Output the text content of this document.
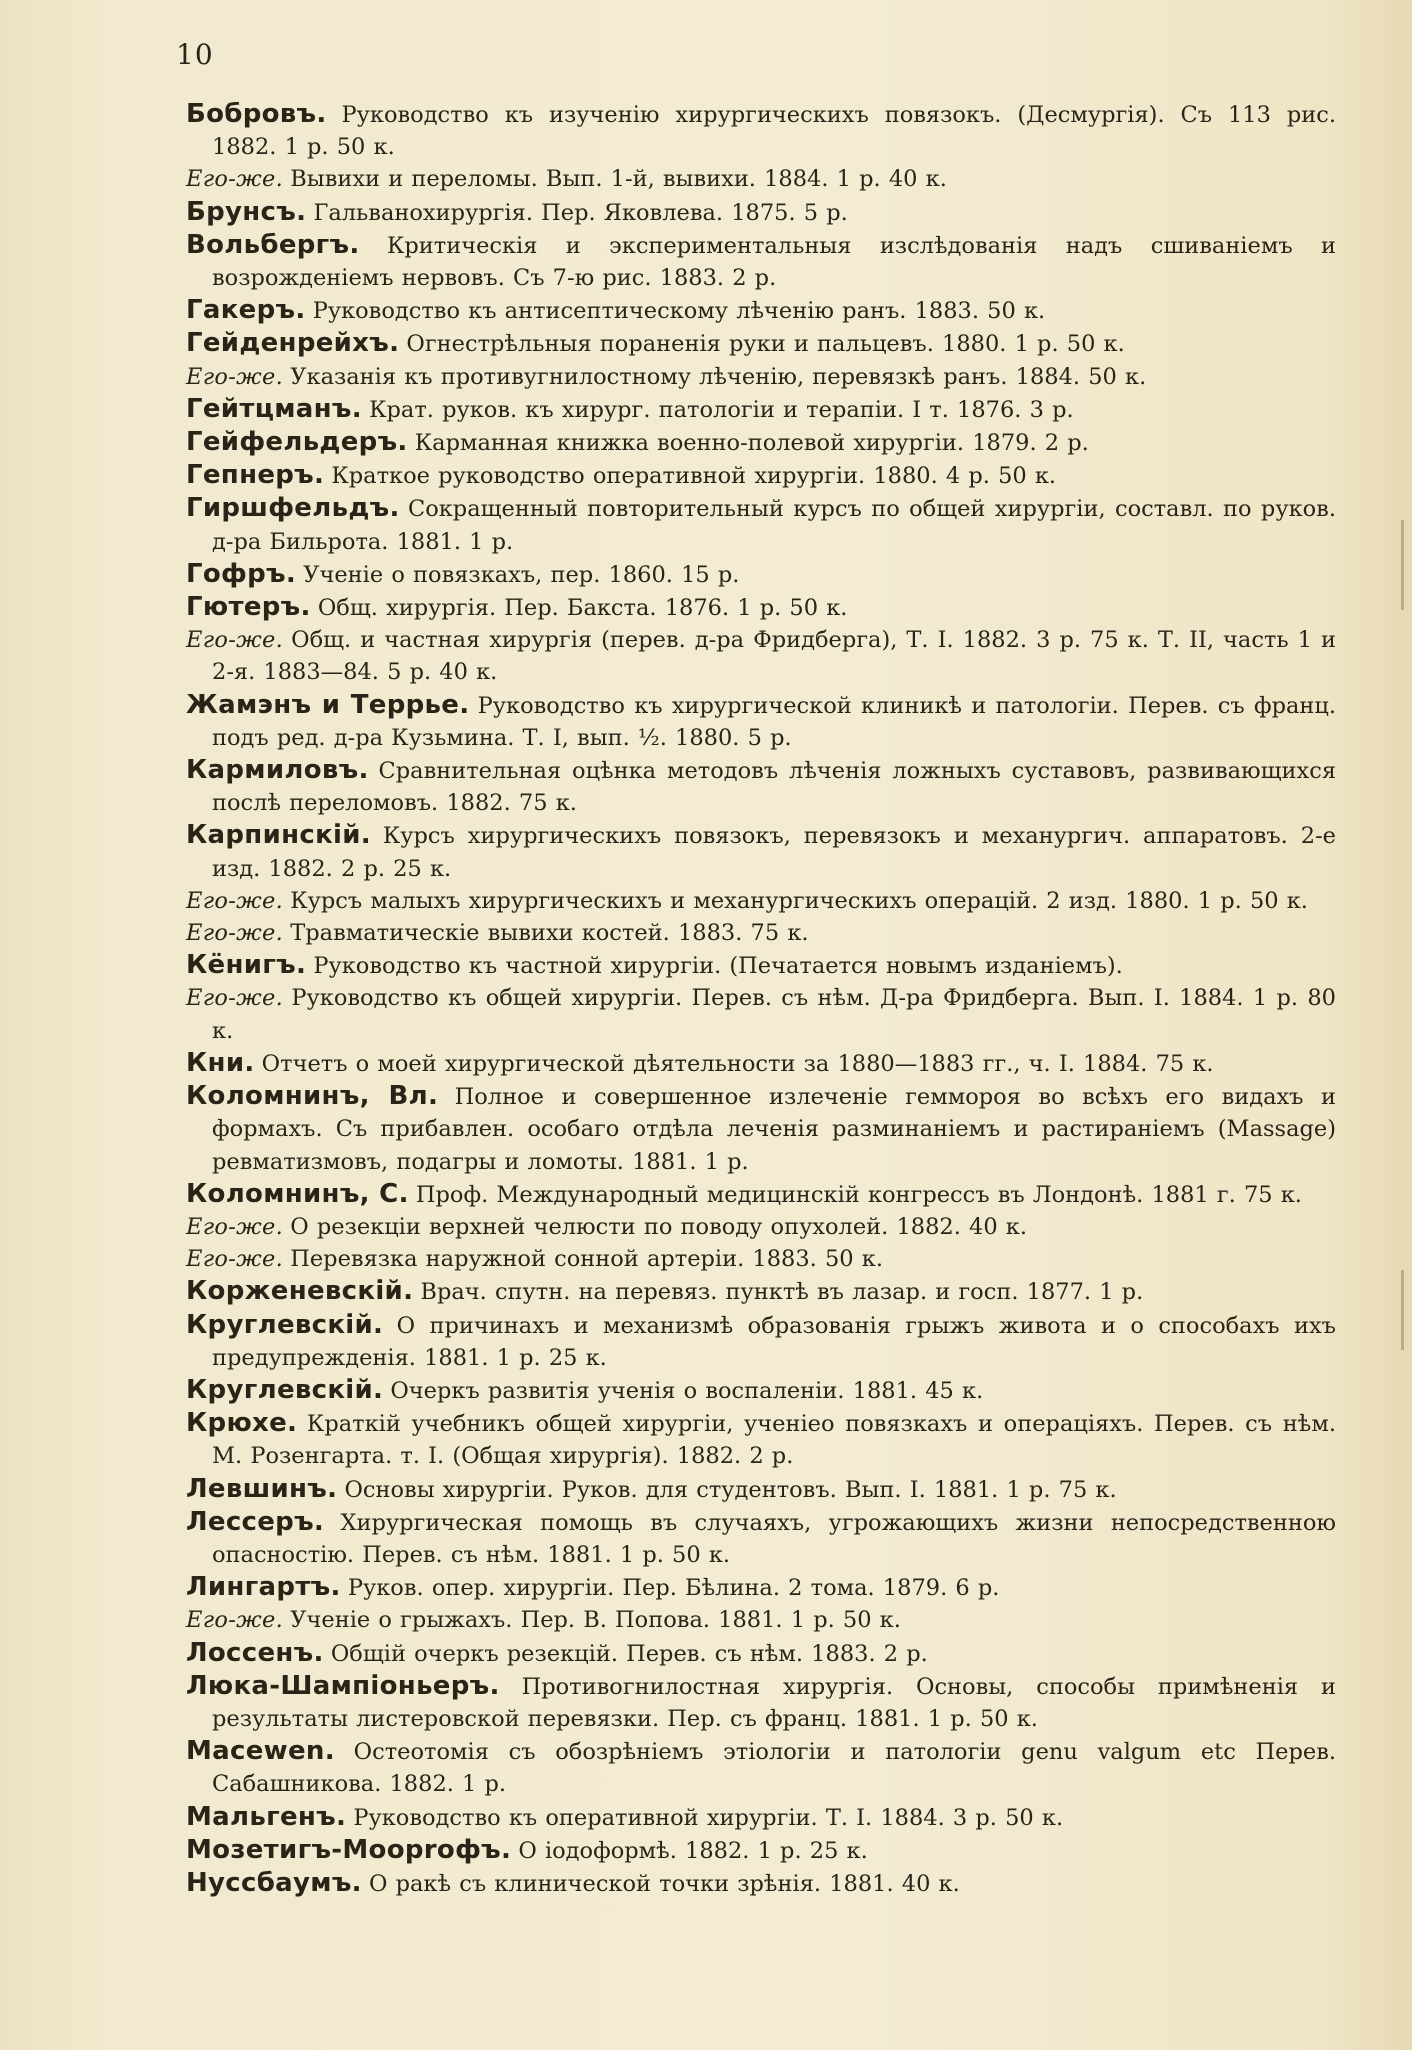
10

Бобровъ. Руководство къ изученію хирургическихъ повязокъ. (Десмургія). Съ 113 рис. 1882. 1 р. 50 к.

Его-же. Вывихи и переломы. Вып. 1-й, вывихи. 1884. 1 р. 40 к.

Брунсъ. Гальванохирургія. Пер. Яковлева. 1875. 5 р.

Вольбергъ. Критическія и экспериментальныя изслѣдованія надъ сшиваніемъ и возрожденіемъ нервовъ. Съ 7-ю рис. 1883. 2 р.

Гакеръ. Руководство къ антисептическому лѣченію ранъ. 1883. 50 к.

Гейденрейхъ. Огнестрѣльныя пораненія руки и пальцевъ. 1880. 1 р. 50 к.

Его-же. Указанія къ противугнилостному лѣченію, перевязкѣ ранъ. 1884. 50 к.

Гейтцманъ. Крат. руков. къ хирург. патологіи и терапіи. I т. 1876. 3 р.

Гейфельдеръ. Карманная книжка военно-полевой хирургіи. 1879. 2 р.

Гепнеръ. Краткое руководство оперативной хирургіи. 1880. 4 р. 50 к.

Гиршфельдъ. Сокращенный повторительный курсъ по общей хирургіи, составл. по руков. д-ра Бильрота. 1881. 1 р.

Гофръ. Ученіе о повязкахъ, пер. 1860. 15 р.

Гютеръ. Общ. хирургія. Пер. Бакста. 1876. 1 р. 50 к.

Его-же. Общ. и частная хирургія (перев. д-ра Фридберга), Т. I. 1882. 3 р. 75 к. Т. II, часть 1 и 2-я. 1883—84. 5 р. 40 к.

Жамэнъ и Террье. Руководство къ хирургической клиникѣ и патологіи. Перев. съ франц. подъ ред. д-ра Кузьмина. Т. I, вып. ½. 1880. 5 р.

Кармиловъ. Сравнительная оцѣнка методовъ лѣченія ложныхъ суставовъ, развивающихся послѣ переломовъ. 1882. 75 к.

Карпинскій. Курсъ хирургическихъ повязокъ, перевязокъ и механургич. аппаратовъ. 2-е изд. 1882. 2 р. 25 к.

Его-же. Курсъ малыхъ хирургическихъ и механургическихъ операцій. 2 изд. 1880. 1 р. 50 к.

Его-же. Травматическіе вывихи костей. 1883. 75 к.

Кёнигъ. Руководство къ частной хирургіи. (Печатается новымъ изданіемъ).

Его-же. Руководство къ общей хирургіи. Перев. съ нѣм. Д-ра Фридберга. Вып. I. 1884. 1 р. 80 к.

Кни. Отчетъ о моей хирургической дѣятельности за 1880—1883 гг., ч. I. 1884. 75 к.

Коломнинъ, Вл. Полное и совершенное излеченіе геммороя во всѣхъ его видахъ и формахъ. Съ прибавлен. особаго отдѣла леченія разминаніемъ и растираніемъ (Massage) ревматизмовъ, подагры и ломоты. 1881. 1 р.

Коломнинъ, С. Проф. Международный медицинскій конгрессъ въ Лондонѣ. 1881 г. 75 к.

Его-же. О резекціи верхней челюсти по поводу опухолей. 1882. 40 к.

Его-же. Перевязка наружной сонной артеріи. 1883. 50 к.

Корженевскій. Врач. спутн. на перевяз. пунктѣ въ лазар. и госп. 1877. 1 р.

Круглевскій. О причинахъ и механизмѣ образованія грыжъ живота и о способахъ ихъ предупрежденія. 1881. 1 р. 25 к.

Круглевскій. Очеркъ развитія ученія о воспаленіи. 1881. 45 к.

Крюхе. Краткій учебникъ общей хирургіи, ученіео повязкахъ и операціяхъ. Перев. съ нѣм. М. Розенгарта. т. I. (Общая хирургія). 1882. 2 р.

Левшинъ. Основы хирургіи. Руков. для студентовъ. Вып. I. 1881. 1 р. 75 к.

Лессеръ. Хирургическая помощь въ случаяхъ, угрожающихъ жизни непосредственною опасностію. Перев. съ нѣм. 1881. 1 р. 50 к.

Лингартъ. Руков. опер. хирургіи. Пер. Бѣлина. 2 тома. 1879. 6 р.

Его-же. Ученіе о грыжахъ. Пер. В. Попова. 1881. 1 р. 50 к.

Лоссенъ. Общій очеркъ резекцій. Перев. съ нѣм. 1883. 2 р.

Люка-Шампіоньеръ. Противогнилостная хирургія. Основы, способы примѣненія и результаты листеровской перевязки. Пер. съ франц. 1881. 1 р. 50 к.

Масеwen. Остеотомія съ обозрѣніемъ этіологіи и патологіи genu valgum etc Перев. Сабашникова. 1882. 1 р.

Мальгенъ. Руководство къ оперативной хирургіи. Т. I. 1884. 3 р. 50 к.

Мозетигъ-Моорrофъ. О іодоформѣ. 1882. 1 р. 25 к.

Нуссбаумъ. О ракѣ съ клинической точки зрѣнія. 1881. 40 к.
